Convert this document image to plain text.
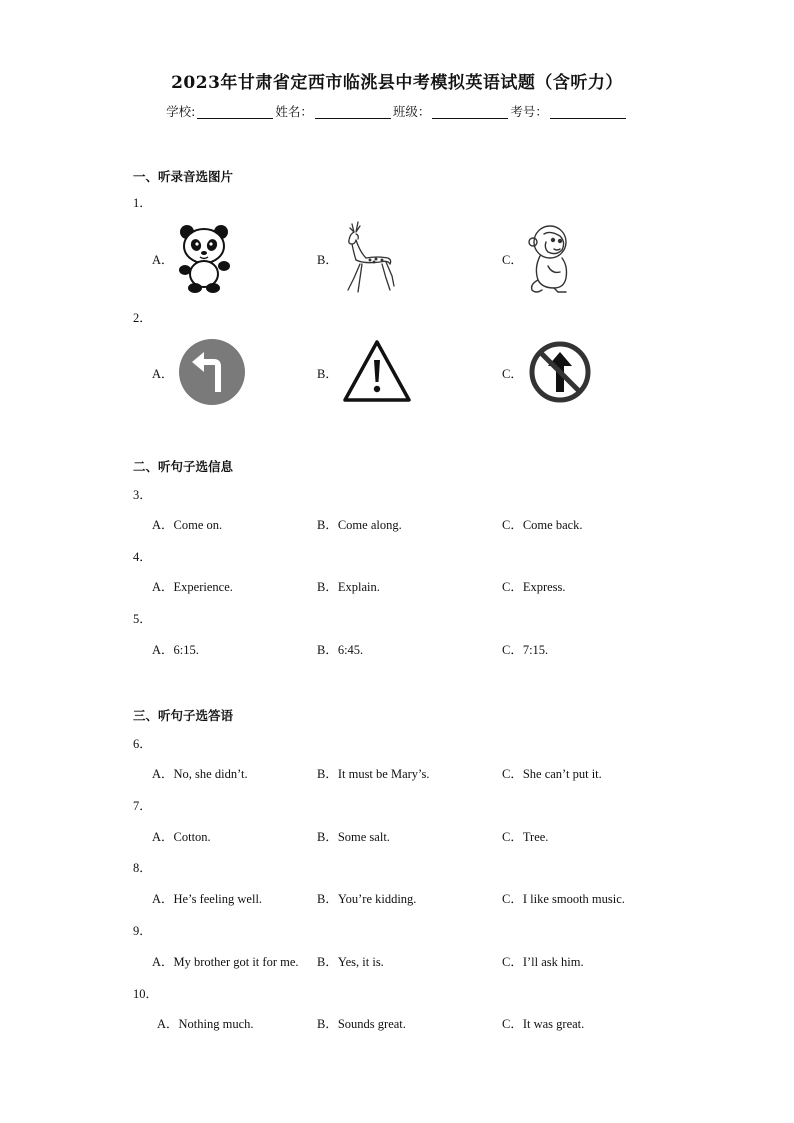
2023年甘肃省定西市临洮县中考模拟英语试题（含听力）
学校:	姓名：	班级：	考号：
一、听录音选图片
1．
A．	B．	C．
2．
A．	B．	C．
二、听句子选信息
3．
A．Come on.	B．Come along.	C．Come back.
4．
A．Experience.	B．Explain.	C．Express.
5．
A．6:15.	B．6:45.	C．7:15.
三、听句子选答语
6．
A．No, she didn’t.	B．It must be Mary’s.	C．She can’t put it.
7．
A．Cotton.	B．Some salt.	C．Tree.
8．
A．He’s feeling well.	B．You’re kidding.	C．I like smooth music.
9．
A．My brother got it for me. B．Yes, it is.	C．I’ll ask him.
10．
A．Nothing much.	B．Sounds great.	C．It was great.
